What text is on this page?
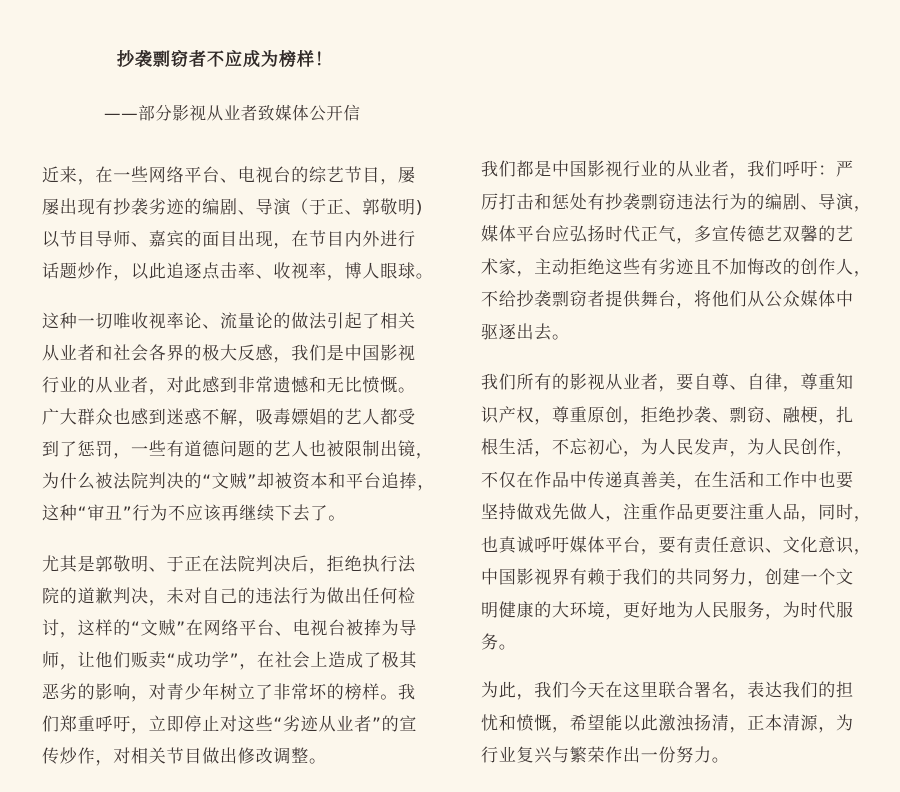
抄袭剽窃者不应成为榜样！
——部分影视从业者致媒体公开信
近来，在一些网络平台、电视台的综艺节目，屡
屡出现有抄袭劣迹的编剧、导演（于正、郭敬明)
以节目导师、嘉宾的面目出现，在节目内外进行
话题炒作，以此追逐点击率、收视率，博人眼球。
这种一切唯收视率论、流量论的做法引起了相关
从业者和社会各界的极大反感，我们是中国影视
行业的从业者，对此感到非常遗憾和无比愤慨。
广大群众也感到迷惑不解，吸毒嫖娼的艺人都受
到了惩罚，一些有道德问题的艺人也被限制出镜，
为什么被法院判决的“文贼”却被资本和平台追捧，
这种“审丑”行为不应该再继续下去了。
尤其是郭敬明、于正在法院判决后，拒绝执行法
院的道歉判决，未对自己的违法行为做出任何检
讨，这样的“文贼”在网络平台、电视台被捧为导
师，让他们贩卖“成功学”，在社会上造成了极其
恶劣的影响，对青少年树立了非常坏的榜样。我
们郑重呼吁，立即停止对这些“劣迹从业者”的宣
传炒作，对相关节目做出修改调整。
我们都是中国影视行业的从业者，我们呼吁：严
厉打击和惩处有抄袭剽窃违法行为的编剧、导演，
媒体平台应弘扬时代正气，多宣传德艺双馨的艺
术家，主动拒绝这些有劣迹且不加悔改的创作人，
不给抄袭剽窃者提供舞台，将他们从公众媒体中
驱逐出去。
我们所有的影视从业者，要自尊、自律，尊重知
识产权，尊重原创，拒绝抄袭、剽窃、融梗，扎
根生活，不忘初心，为人民发声，为人民创作，
不仅在作品中传递真善美，在生活和工作中也要
坚持做戏先做人，注重作品更要注重人品，同时，
也真诚呼吁媒体平台，要有责任意识、文化意识，
中国影视界有赖于我们的共同努力，创建一个文
明健康的大环境，更好地为人民服务，为时代服
务。
为此，我们今天在这里联合署名，表达我们的担
忧和愤慨，希望能以此激浊扬清，正本清源，为
行业复兴与繁荣作出一份努力。
